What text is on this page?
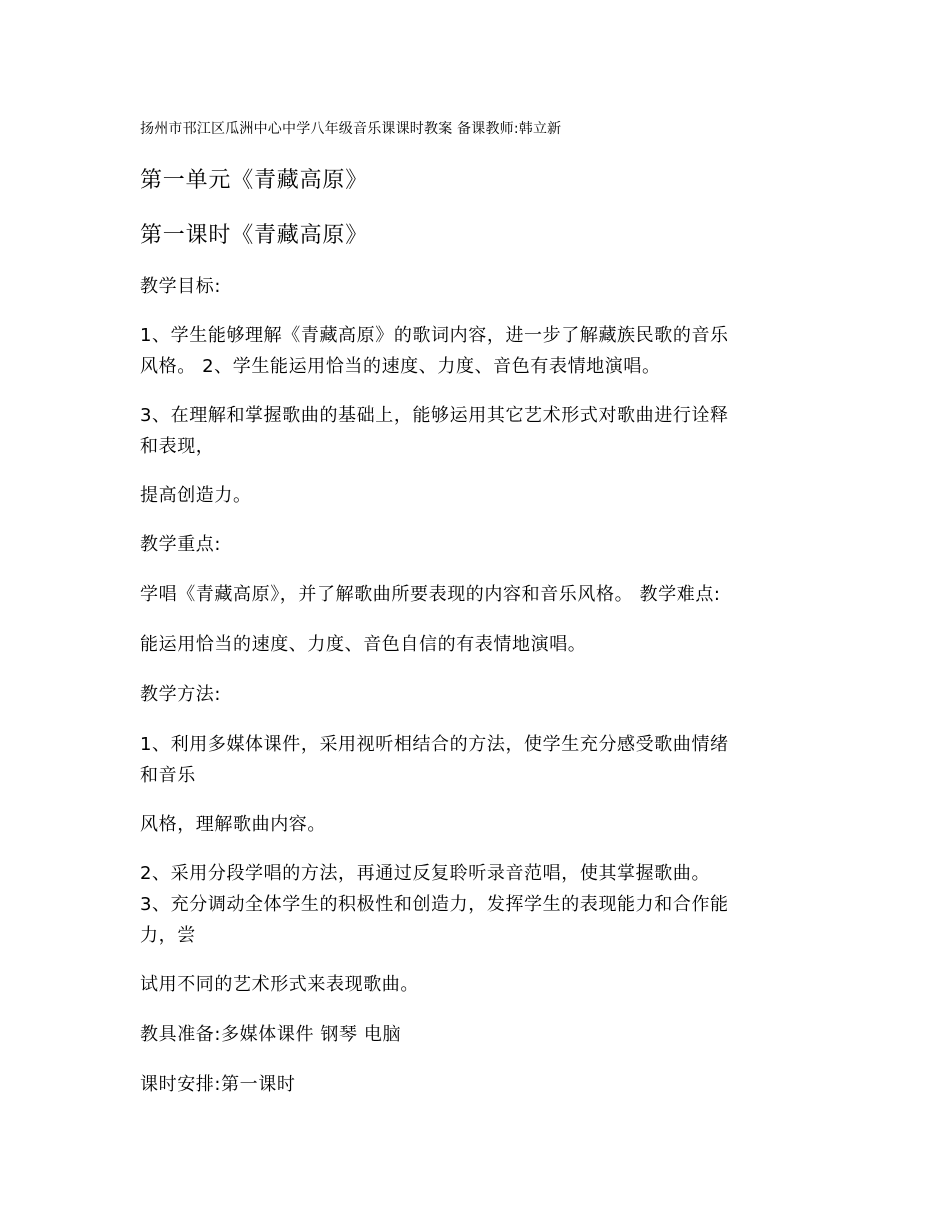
扬州市邗江区瓜洲中心中学八年级音乐课课时教案 备课教师:韩立新
第一单元《青藏高原》
第一课时《青藏高原》
教学目标:
1、学生能够理解《青藏高原》的歌词内容，进一步了解藏族民歌的音乐
风格。 2、学生能运用恰当的速度、力度、音色有表情地演唱。
3、在理解和掌握歌曲的基础上，能够运用其它艺术形式对歌曲进行诠释
和表现，
提高创造力。
教学重点:
学唱《青藏高原》，并了解歌曲所要表现的内容和音乐风格。 教学难点:
能运用恰当的速度、力度、音色自信的有表情地演唱。
教学方法:
1、利用多媒体课件，采用视听相结合的方法，使学生充分感受歌曲情绪
和音乐
风格，理解歌曲内容。
2、采用分段学唱的方法，再通过反复聆听录音范唱，使其掌握歌曲。
3、充分调动全体学生的积极性和创造力，发挥学生的表现能力和合作能
力，尝
试用不同的艺术形式来表现歌曲。
教具准备:多媒体课件 钢琴 电脑
课时安排:第一课时
